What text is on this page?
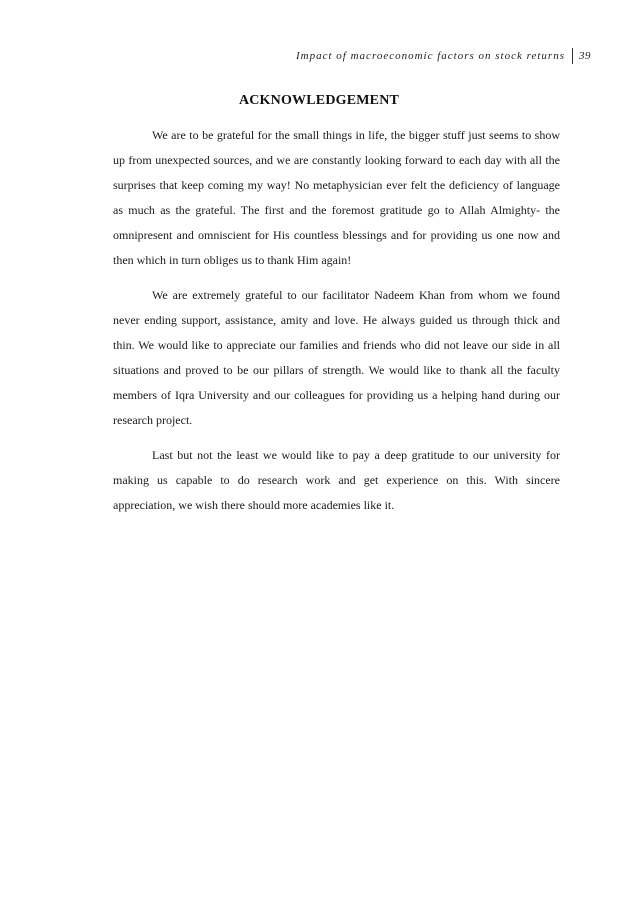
Impact of macroeconomic factors on stock returns 39
ACKNOWLEDGEMENT

We are to be grateful for the small things in life, the bigger stuff just seems to show up from unexpected sources, and we are constantly looking forward to each day with all the surprises that keep coming my way! No metaphysician ever felt the deficiency of language as much as the grateful. The first and the foremost gratitude go to Allah Almighty- the omnipresent and omniscient for His countless blessings and for providing us one now and then which in turn obliges us to thank Him again!

We are extremely grateful to our facilitator Nadeem Khan from whom we found never ending support, assistance, amity and love. He always guided us through thick and thin. We would like to appreciate our families and friends who did not leave our side in all situations and proved to be our pillars of strength. We would like to thank all the faculty members of Iqra University and our colleagues for providing us a helping hand during our research project.

Last but not the least we would like to pay a deep gratitude to our university for making us capable to do research work and get experience on this. With sincere appreciation, we wish there should more academies like it.
